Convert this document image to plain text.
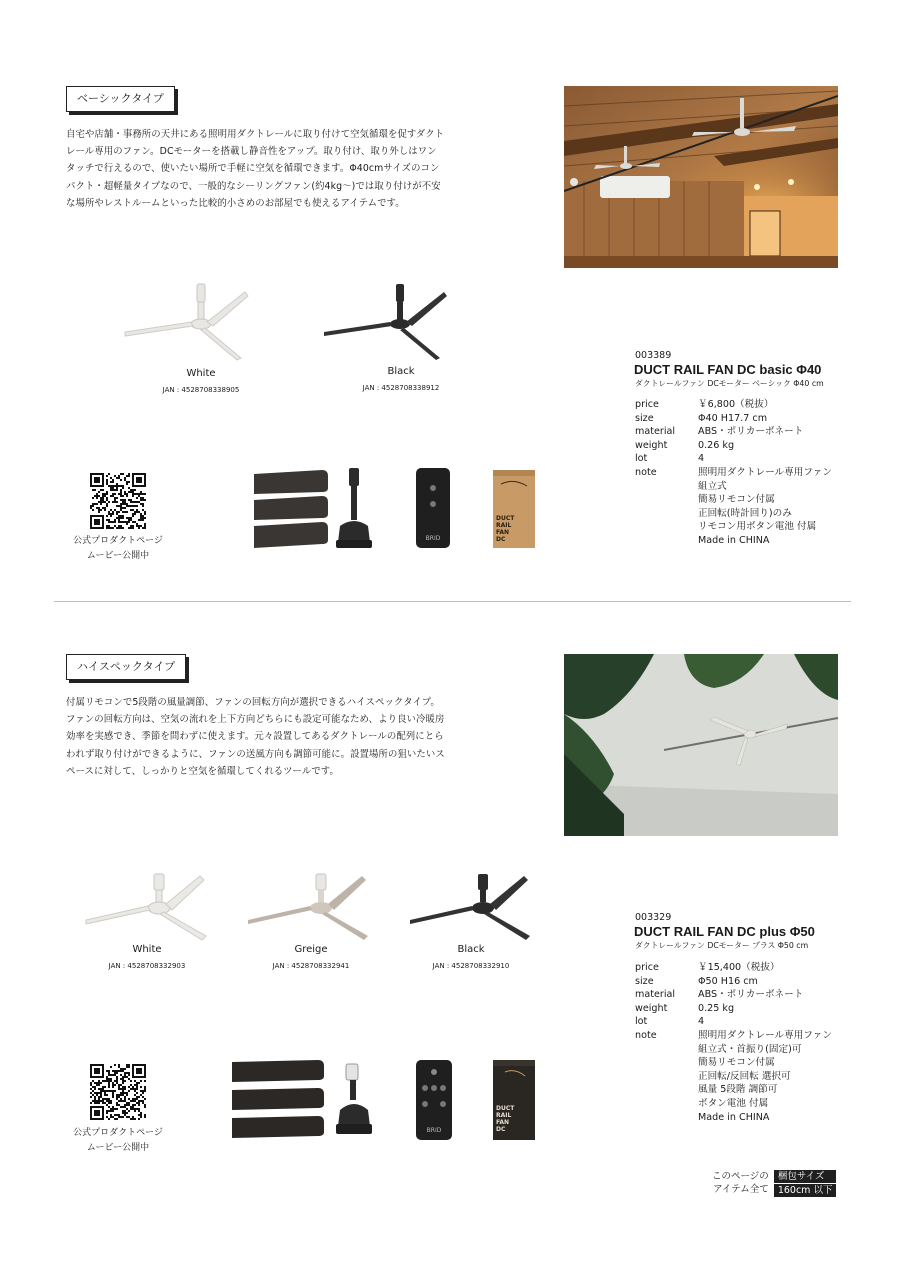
ベーシックタイプ
自宅や店舗・事務所の天井にある照明用ダクトレールに取り付けて空気循環を促すダクト
レール専用のファン。DCモーターを搭載し静音性をアップ。取り付け、取り外しはワン
タッチで行えるので、使いたい場所で手軽に空気を循環できます。Φ40cmサイズのコン
パクト・超軽量タイプなので、一般的なシーリングファン(約4kg〜)では取り付けが不安
な場所やレストルームといった比較的小さめのお部屋でも使えるアイテムです。
White
JAN : 4528708338905
Black
JAN : 4528708338912
003389
DUCT RAIL FAN DC basic Φ40
ダクトレールファン DCモーター ベーシック Φ40 cm
price	￥6,800（税抜）
size	Φ40 H17.7 cm
material	ABS・ポリカーボネート
weight	0.26 kg
lot	4
note	照明用ダクトレール専用ファン
組立式
簡易リモコン付属
正回転(時計回り)のみ
リモコン用ボタン電池 付属
Made in CHINA
公式プロダクトページ
ムービー公開中
BRID
DUCT
RAIL
FAN
DC
ハイスペックタイプ
付属リモコンで5段階の風量調節、ファンの回転方向が選択できるハイスペックタイプ。
ファンの回転方向は、空気の流れを上下方向どちらにも設定可能なため、より良い冷暖房
効率を実感でき、季節を問わずに使えます。元々設置してあるダクトレールの配列にとら
われず取り付けができるように、ファンの送風方向も調節可能に。設置場所の狙いたいス
ペースに対して、しっかりと空気を循環してくれるツールです。
White
JAN : 4528708332903
Greige
JAN : 4528708332941
Black
JAN : 4528708332910
003329
DUCT RAIL FAN DC plus Φ50
ダクトレールファン DCモーター プラス Φ50 cm
price	￥15,400（税抜）
size	Φ50 H16 cm
material	ABS・ポリカーボネート
weight	0.25 kg
lot	4
note	照明用ダクトレール専用ファン
組立式・首振り(固定)可
簡易リモコン付属
正回転/反回転 選択可
風量 5段階 調節可
ボタン電池 付属
Made in CHINA
公式プロダクトページ
ムービー公開中
BRID
DUCT
RAIL
FAN
DC
このページの
アイテム全て
梱包サイズ
160cm 以下
